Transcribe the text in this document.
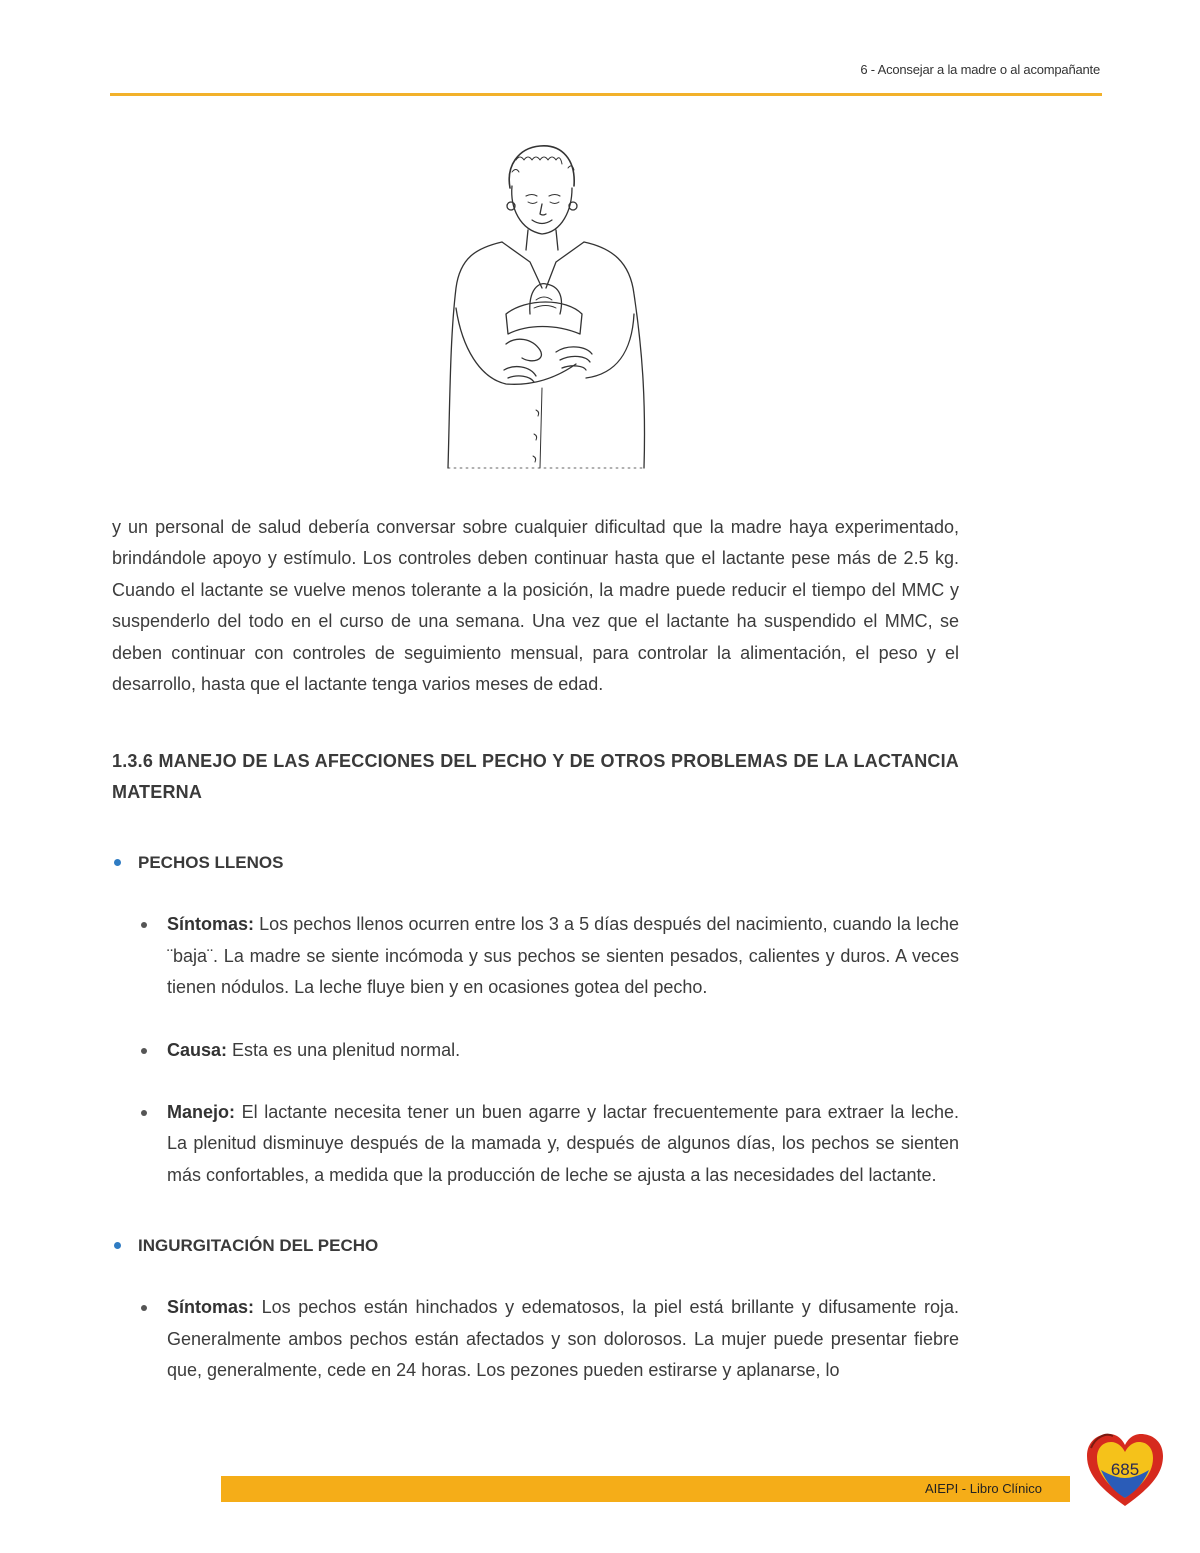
6 - Aconsejar a la madre o al acompañante

y un personal de salud debería conversar sobre cualquier dificultad que la madre haya experimentado, brindándole apoyo y estímulo. Los controles deben continuar hasta que el lactante pese más de 2.5 kg. Cuando el lactante se vuelve menos tolerante a la posición, la madre puede reducir el tiempo del MMC y suspenderlo del todo en el curso de una semana. Una vez que el lactante ha suspendido el MMC, se deben continuar con controles de seguimiento mensual, para controlar la alimentación, el peso y el desarrollo, hasta que el lactante tenga varios meses de edad.

1.3.6 MANEJO DE LAS AFECCIONES DEL PECHO Y DE OTROS PROBLEMAS DE LA LACTANCIA MATERNA
PECHOS LLENOS
Síntomas: Los pechos llenos ocurren entre los 3 a 5 días después del nacimiento, cuando la leche ¨baja¨. La madre se siente incómoda y sus pechos se sienten pesados, calientes y duros. A veces tienen nódulos. La leche fluye bien y en ocasiones gotea del pecho.
Causa: Esta es una plenitud normal.
Manejo: El lactante necesita tener un buen agarre y lactar frecuentemente para extraer la leche. La plenitud disminuye después de la mamada y, después de algunos días, los pechos se sienten más confortables, a medida que la producción de leche se ajusta a las necesidades del lactante.
INGURGITACIÓN DEL PECHO
Síntomas: Los pechos están hinchados y edematosos, la piel está brillante y difusamente roja. Generalmente ambos pechos están afectados y son dolorosos. La mujer puede presentar fiebre que, generalmente, cede en 24 horas. Los pezones pueden estirarse y aplanarse, lo
AIEPI - Libro Clínico
685
